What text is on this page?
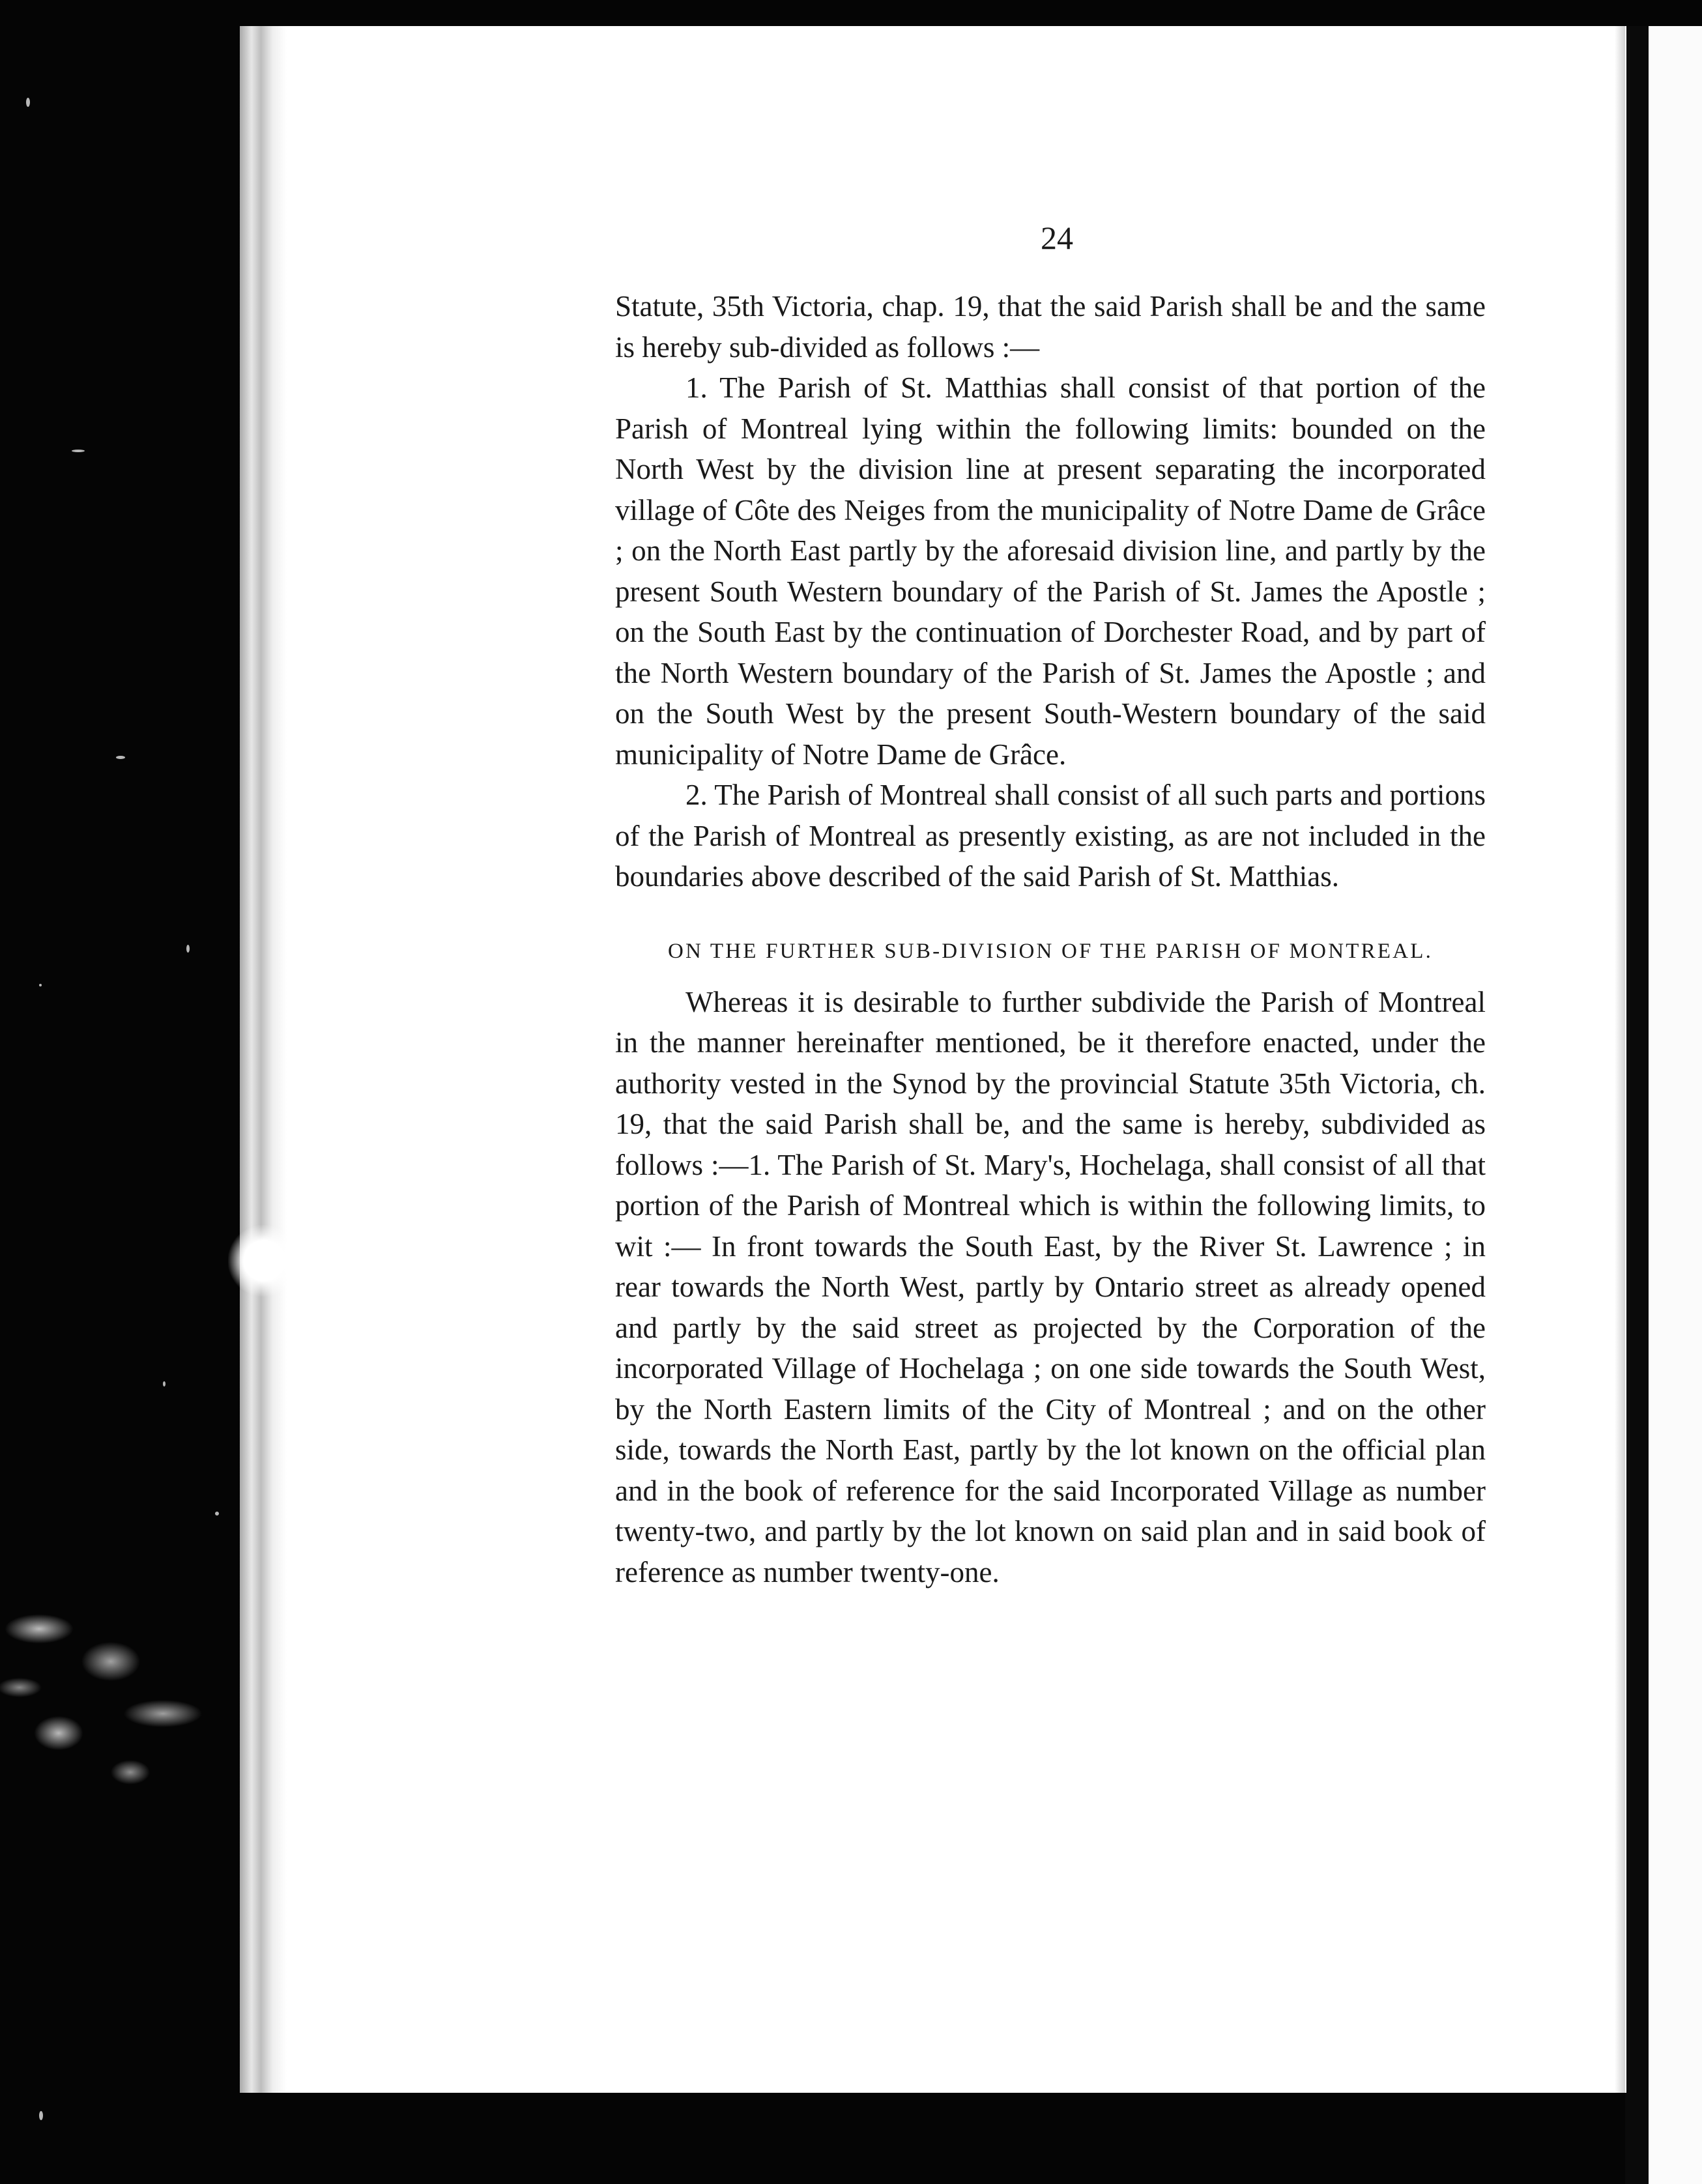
24

Statute, 35th Victoria, chap. 19, that the said Parish shall be and the same is hereby sub-divided as follows :—

1. The Parish of St. Matthias shall consist of that portion of the Parish of Montreal lying within the following limits: bounded on the North West by the division line at present separating the incorporated village of Côte des Neiges from the municipality of Notre Dame de Grâce ; on the North East partly by the aforesaid division line, and partly by the present South Western boundary of the Parish of St. James the Apostle ; on the South East by the continuation of Dorchester Road, and by part of the North Western boundary of the Parish of St. James the Apostle ; and on the South West by the present South-Western boundary of the said municipality of Notre Dame de Grâce.

2. The Parish of Montreal shall consist of all such parts and portions of the Parish of Montreal as presently existing, as are not included in the boundaries above described of the said Parish of St. Matthias.

ON THE FURTHER SUB-DIVISION OF THE PARISH OF MONTREAL.

Whereas it is desirable to further subdivide the Parish of Montreal in the manner hereinafter mentioned, be it therefore enacted, under the authority vested in the Synod by the provincial Statute 35th Victoria, ch. 19, that the said Parish shall be, and the same is hereby, subdivided as follows :—1. The Parish of St. Mary's, Hochelaga, shall consist of all that portion of the Parish of Montreal which is within the following limits, to wit :— In front towards the South East, by the River St. Lawrence ; in rear towards the North West, partly by Ontario street as already opened and partly by the said street as projected by the Corporation of the incorporated Village of Hochelaga ; on one side towards the South West, by the North Eastern limits of the City of Montreal ; and on the other side, towards the North East, partly by the lot known on the official plan and in the book of reference for the said Incorporated Village as number twenty-two, and partly by the lot known on said plan and in said book of reference as number twenty-one.
